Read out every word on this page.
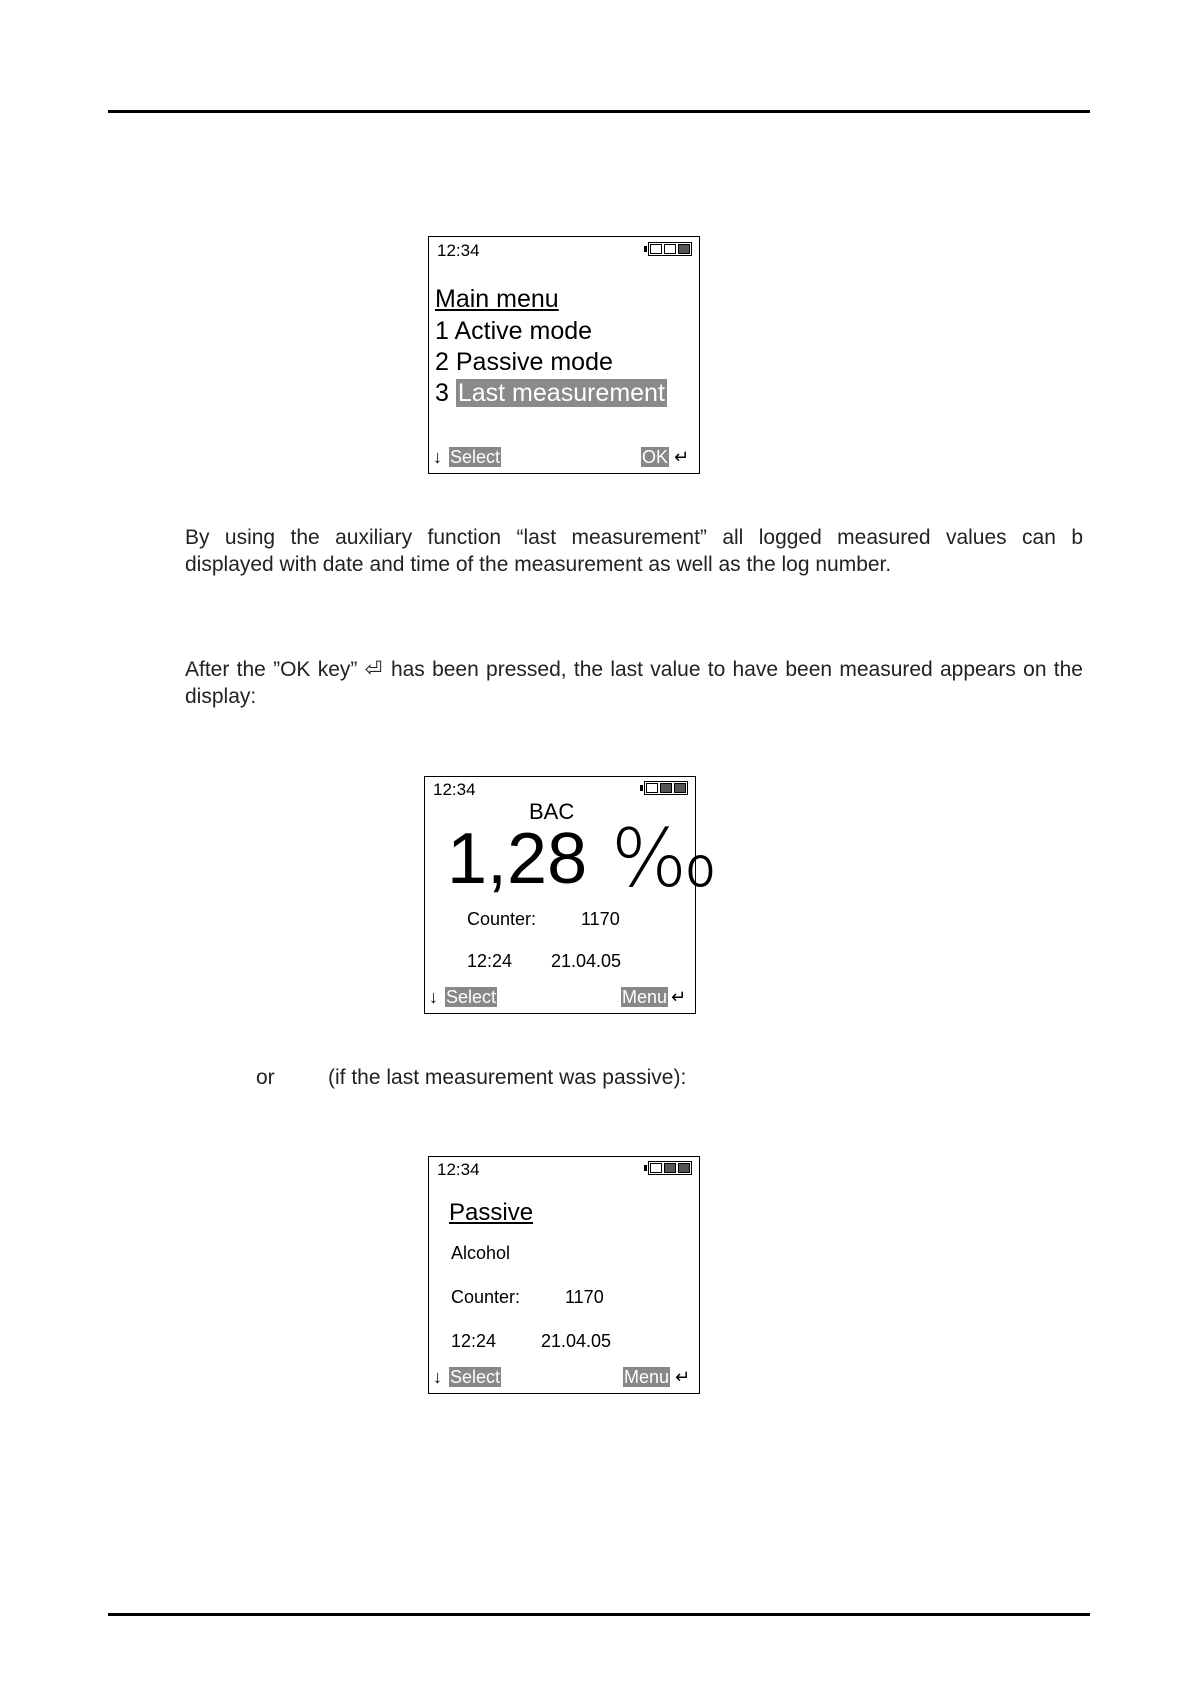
12:34
Main menu
1 Active mode
2 Passive mode
3 Last measurement
↓ Select	OK ↵
By using the auxiliary function “last measurement” all logged measured values can b
displayed with date and time of the measurement as well as the log number.
After the ”OK key” ⏎ has been pressed, the last value to have been measured appears on the
display:
12:34
BAC
1,28 ‰
Counter: 1170
12:24 21.04.05
↓ Select	Menu ↵
or	(if the last measurement was passive):
12:34
Passive
Alcohol
Counter: 1170
12:24 21.04.05
↓ Select	Menu ↵
